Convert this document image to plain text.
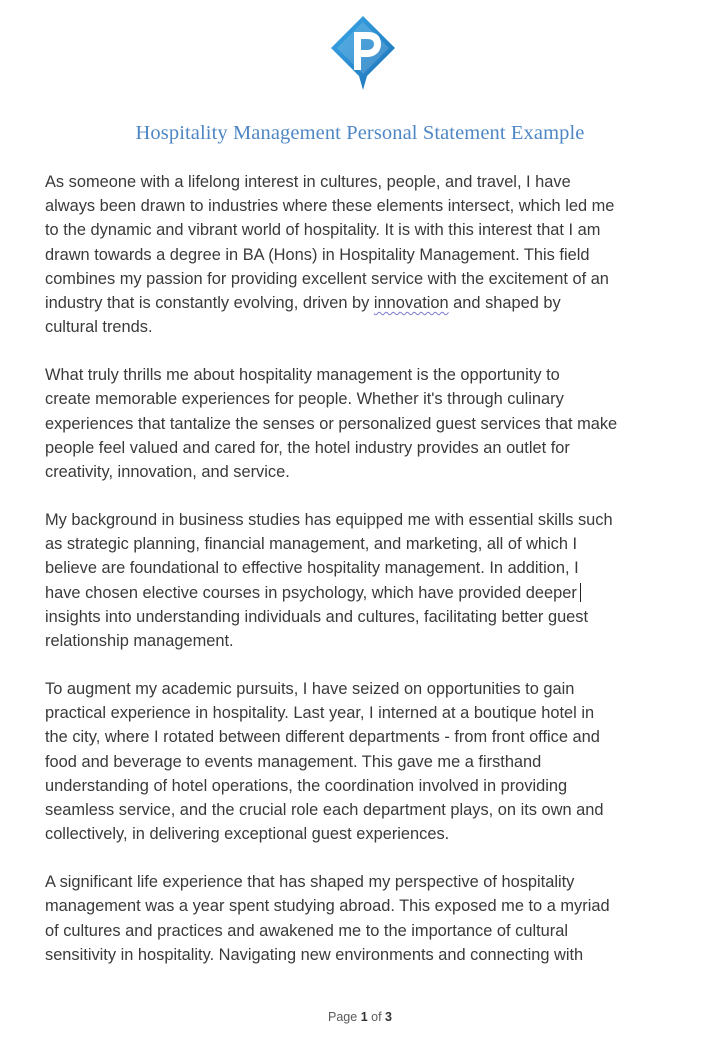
Hospitality Management Personal Statement Example
As someone with a lifelong interest in cultures, people, and travel, I have
always been drawn to industries where these elements intersect, which led me
to the dynamic and vibrant world of hospitality. It is with this interest that I am
drawn towards a degree in BA (Hons) in Hospitality Management. This field
combines my passion for providing excellent service with the excitement of an
industry that is constantly evolving, driven by innovation and shaped by
cultural trends.
What truly thrills me about hospitality management is the opportunity to
create memorable experiences for people. Whether it's through culinary
experiences that tantalize the senses or personalized guest services that make
people feel valued and cared for, the hotel industry provides an outlet for
creativity, innovation, and service.
My background in business studies has equipped me with essential skills such
as strategic planning, financial management, and marketing, all of which I
believe are foundational to effective hospitality management. In addition, I
have chosen elective courses in psychology, which have provided deeper
insights into understanding individuals and cultures, facilitating better guest
relationship management.
To augment my academic pursuits, I have seized on opportunities to gain
practical experience in hospitality. Last year, I interned at a boutique hotel in
the city, where I rotated between different departments - from front office and
food and beverage to events management. This gave me a firsthand
understanding of hotel operations, the coordination involved in providing
seamless service, and the crucial role each department plays, on its own and
collectively, in delivering exceptional guest experiences.
A significant life experience that has shaped my perspective of hospitality
management was a year spent studying abroad. This exposed me to a myriad
of cultures and practices and awakened me to the importance of cultural
sensitivity in hospitality. Navigating new environments and connecting with
Page 1 of 3
